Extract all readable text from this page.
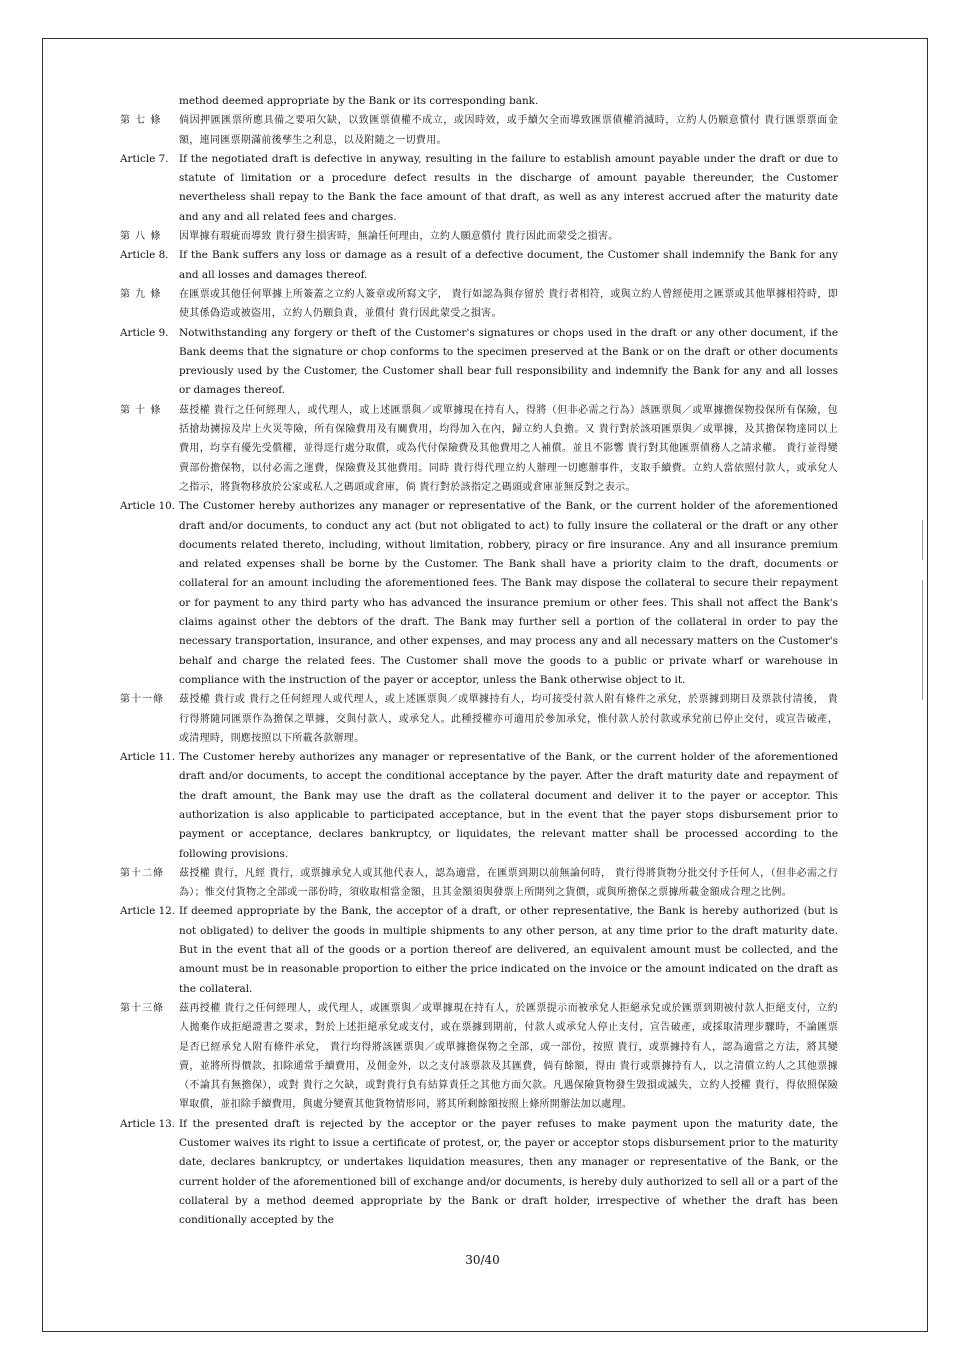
method deemed appropriate by the Bank or its corresponding bank.
第 七 條	倘因押匯匯票所應具備之要項欠缺，以致匯票債權不成立，或因時效，或手續欠全而導致匯票債權消滅時，立約人仍願意償付 貴行匯票票面金額，連同匯票期滿前後孳生之利息，以及附隨之一切費用。
Article 7.	If the negotiated draft is defective in anyway, resulting in the failure to establish amount payable under the draft or due to statute of limitation or a procedure defect results in the discharge of amount payable thereunder, the Customer nevertheless shall repay to the Bank the face amount of that draft, as well as any interest accrued after the maturity date and any and all related fees and charges.
第 八 條	因單據有瑕疵而導致 貴行發生損害時，無論任何理由，立約人願意償付 貴行因此而蒙受之損害。
Article 8.	If the Bank suffers any loss or damage as a result of a defective document, the Customer shall indemnify the Bank for any and all losses and damages thereof.
第 九 條	在匯票或其他任何單據上所簽蓋之立約人簽章或所寫文字， 貴行如認為與存留於 貴行者相符，或與立約人曾經使用之匯票或其他單據相符時，即使其係偽造或被盜用，立約人仍願負責，並償付 貴行因此蒙受之損害。
Article 9.	Notwithstanding any forgery or theft of the Customer's signatures or chops used in the draft or any other document, if the Bank deems that the signature or chop conforms to the specimen preserved at the Bank or on the draft or other documents previously used by the Customer, the Customer shall bear full responsibility and indemnify the Bank for any and all losses or damages thereof.
第 十 條	茲授權 貴行之任何經理人，或代理人，或上述匯票與／或單據現在持有人，得將（但非必需之行為）該匯票與／或單據擔保物投保所有保險，包括搶劫擄掠及岸上火災等險，所有保險費用及有關費用，均得加入在內，歸立約人負擔。又 貴行對於該項匯票與／或單據，及其擔保物達同以上費用，均享有優先受償權，並得逕行處分取償，或為代付保險費及其他費用之人補償。並且不影響 貴行對其他匯票債務人之請求權。 貴行並得變賣部份擔保物，以付必需之運費，保險費及其他費用。同時 貴行得代理立約人辦理一切應辦事件，支取手續費。立約人當依照付款人，或承兌人之指示，將貨物移放於公家或私人之碼頭或倉庫，倘 貴行對於該指定之碼頭或倉庫並無反對之表示。
Article 10. The Customer hereby authorizes any manager or representative of the Bank, or the current holder of the aforementioned draft and/or documents, to conduct any act (but not obligated to act) to fully insure the collateral or the draft or any other documents related thereto, including, without limitation, robbery, piracy or fire insurance. Any and all insurance premium and related expenses shall be borne by the Customer. The Bank shall have a priority claim to the draft, documents or collateral for an amount including the aforementioned fees. The Bank may dispose the collateral to secure their repayment or for payment to any third party who has advanced the insurance premium or other fees. This shall not affect the Bank's claims against other the debtors of the draft. The Bank may further sell a portion of the collateral in order to pay the necessary transportation, insurance, and other expenses, and may process any and all necessary matters on the Customer's behalf and charge the related fees. The Customer shall move the goods to a public or private wharf or warehouse in compliance with the instruction of the payer or acceptor, unless the Bank otherwise object to it.
第十一條	茲授權 貴行或 貴行之任何經理人或代理人，或上述匯票與／或單據持有人，均可接受付款人附有條件之承兌，於票據到期日及票款付清後， 貴行得將隨同匯票作為擔保之單據，交與付款人，或承兌人。此種授權亦可適用於參加承兌，惟付款人於付款或承兌前已停止交付，或宣告破產，或清理時，則應按照以下所載各款辦理。
Article 11. The Customer hereby authorizes any manager or representative of the Bank, or the current holder of the aforementioned draft and/or documents, to accept the conditional acceptance by the payer. After the draft maturity date and repayment of the draft amount, the Bank may use the draft as the collateral document and deliver it to the payer or acceptor. This authorization is also applicable to participated acceptance, but in the event that the payer stops disbursement prior to payment or acceptance, declares bankruptcy, or liquidates, the relevant matter shall be processed according to the following provisions.
第十二條	茲授權 貴行，凡經 貴行，或票據承兌人或其他代表人，認為適當，在匯票到期以前無論何時， 貴行得將貨物分批交付予任何人，（但非必需之行為）；惟交付貨物之全部或一部份時，須收取相當金額，且其金額須與發票上所開列之貨價，或與所擔保之票據所載金額成合理之比例。
Article 12. If deemed appropriate by the Bank, the acceptor of a draft, or other representative, the Bank is hereby authorized (but is not obligated) to deliver the goods in multiple shipments to any other person, at any time prior to the draft maturity date. But in the event that all of the goods or a portion thereof are delivered, an equivalent amount must be collected, and the amount must be in reasonable proportion to either the price indicated on the invoice or the amount indicated on the draft as the collateral.
第十三條	茲再授權 貴行之任何經理人，或代理人，或匯票與／或單據現在持有人，於匯票提示而被承兌人拒絕承兌或於匯票到期被付款人拒絕支付，立約人拋棄作成拒絕證書之要求，對於上述拒絕承兌或支付，或在票據到期前，付款人或承兌人停止支付，宣告破產，或採取清理步驟時，不論匯票是否已經承兌人附有條件承兌， 貴行均得將該匯票與／或單據擔保物之全部，或一部份，按照 貴行，或票據持有人，認為適當之方法，將其變賣，並將所得價款，扣除通常手續費用，及佣金外，以之支付該票款及其匯費，倘有餘額，得由 貴行或票據持有人，以之清償立約人之其他票據（不論其有無擔保），或對 貴行之欠缺，或對貴行負有結算責任之其他方面欠款。凡遇保險貨物發生毀損或滅失，立約人授權 貴行，得依照保險單取償，並扣除手續費用，與處分變賣其他貨物情形同，將其所剩餘額按照上條所開辦法加以處理。
Article 13. If the presented draft is rejected by the acceptor or the payer refuses to make payment upon the maturity date, the Customer waives its right to issue a certificate of protest, or, the payer or acceptor stops disbursement prior to the maturity date, declares bankruptcy, or undertakes liquidation measures, then any manager or representative of the Bank, or the current holder of the aforementioned bill of exchange and/or documents, is hereby duly authorized to sell all or a part of the collateral by a method deemed appropriate by the Bank or draft holder, irrespective of whether the draft has been conditionally accepted by the
30/40
